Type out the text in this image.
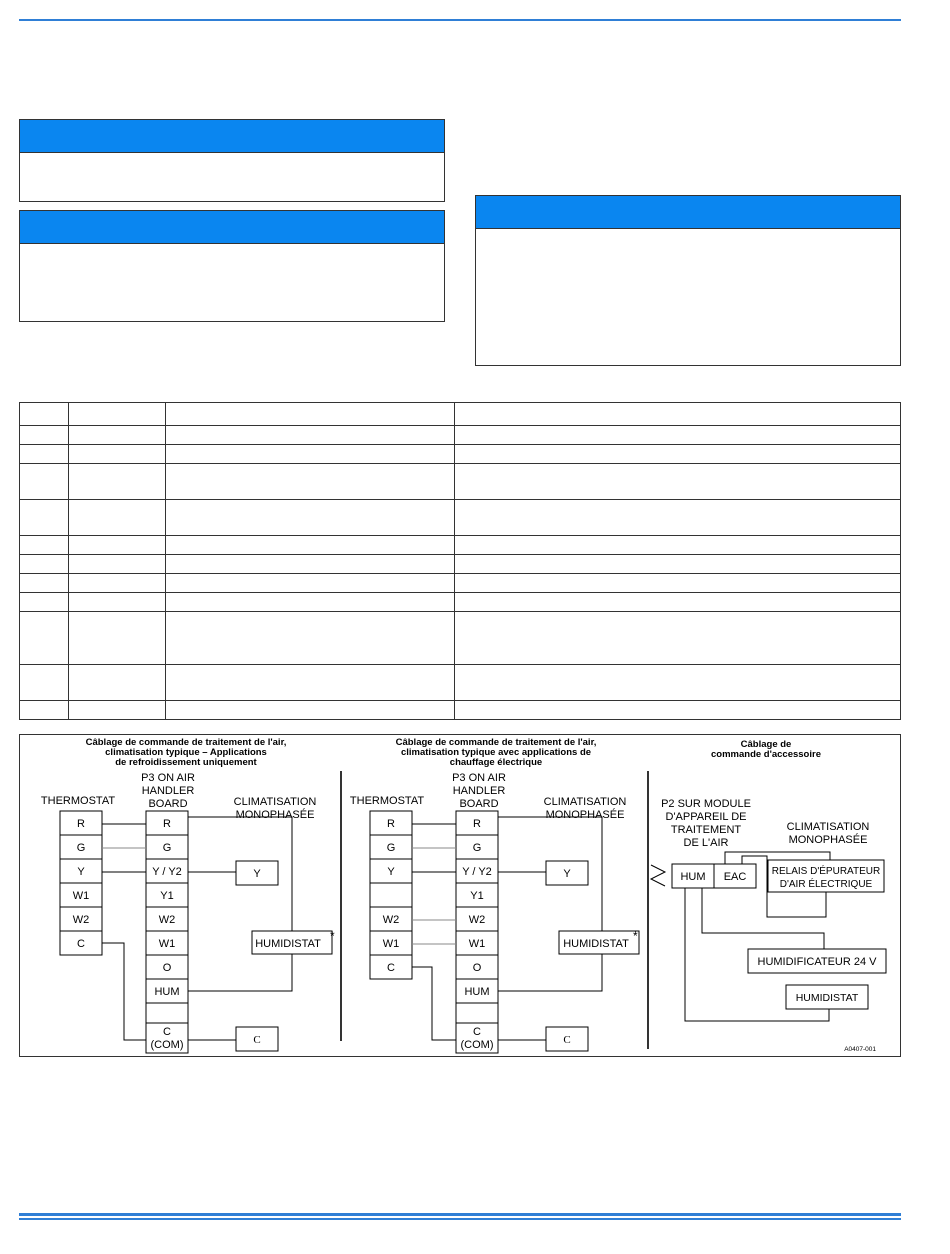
Câblage de commande de traitement de l'air,
climatisation typique – Applications
de refroidissement uniquement
THERMOSTAT
P3 ON AIR
HANDLER
BOARD	CLIMATISATION
MONOPHASÉE
R
G
Y
W1
W2
C
R
G
Y / Y2
Y1
W2
W1
O
HUM
C
(COM)
Y
C
HUMIDISTAT
*
Câblage de commande de traitement de l'air,
climatisation typique avec applications de
chauffage électrique
THERMOSTAT
P3 ON AIR
HANDLER
BOARD	CLIMATISATION
MONOPHASÉE
R
G
Y
W2
W1
C
R
G
Y / Y2
Y1
W2
W1
O
HUM
C
(COM)
Y
C
HUMIDISTAT
*
Câblage de
commande d'accessoire
P2 SUR MODULE
D'APPAREIL DE
TRAITEMENT
DE L'AIR
CLIMATISATION
MONOPHASÉE
HUM EAC	RELAIS D'ÉPURATEUR
D'AIR ÉLECTRIQUE
HUMIDIFICATEUR 24 V
HUMIDISTAT
A0407-001
